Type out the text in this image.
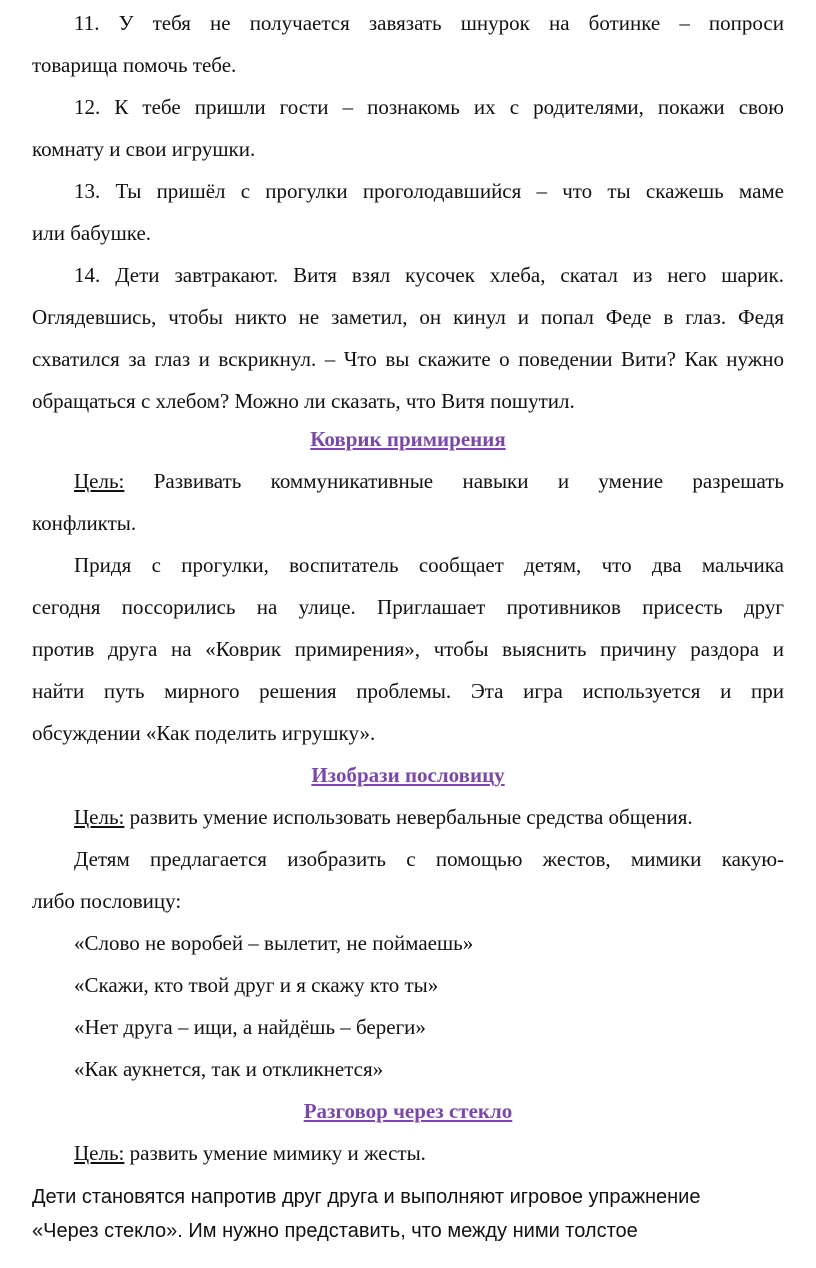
11. У тебя не получается завязать шнурок на ботинке – попроси
товарища помочь тебе.
12. К тебе пришли гости – познакомь их с родителями, покажи свою
комнату и свои игрушки.
13. Ты пришёл с прогулки проголодавшийся – что ты скажешь маме
или бабушке.
14. Дети завтракают. Витя взял кусочек хлеба, скатал из него шарик.
Оглядевшись, чтобы никто не заметил, он кинул и попал Феде в глаз. Федя
схватился за глаз и вскрикнул. – Что вы скажите о поведении Вити? Как нужно
обращаться с хлебом? Можно ли сказать, что Витя пошутил.

Коврик примирения

Цель: Развивать коммуникативные навыки и умение разрешать
конфликты.
Придя с прогулки, воспитатель сообщает детям, что два мальчика
сегодня поссорились на улице. Приглашает противников присесть друг
против друга на «Коврик примирения», чтобы выяснить причину раздора и
найти путь мирного решения проблемы. Эта игра используется и при
обсуждении «Как поделить игрушку».

Изобрази пословицу

Цель: развить умение использовать невербальные средства общения.
Детям предлагается изобразить с помощью жестов, мимики какую-
либо пословицу:

«Слово не воробей – вылетит, не поймаешь»

«Скажи, кто твой друг и я скажу кто ты»

«Нет друга – ищи, а найдёшь – береги»

«Как аукнется, так и откликнется»

Разговор через стекло

Цель: развить умение мимику и жесты.

Дети становятся напротив друг друга и выполняют игровое упражнение

«Через стекло». Им нужно представить, что между ними толстое
